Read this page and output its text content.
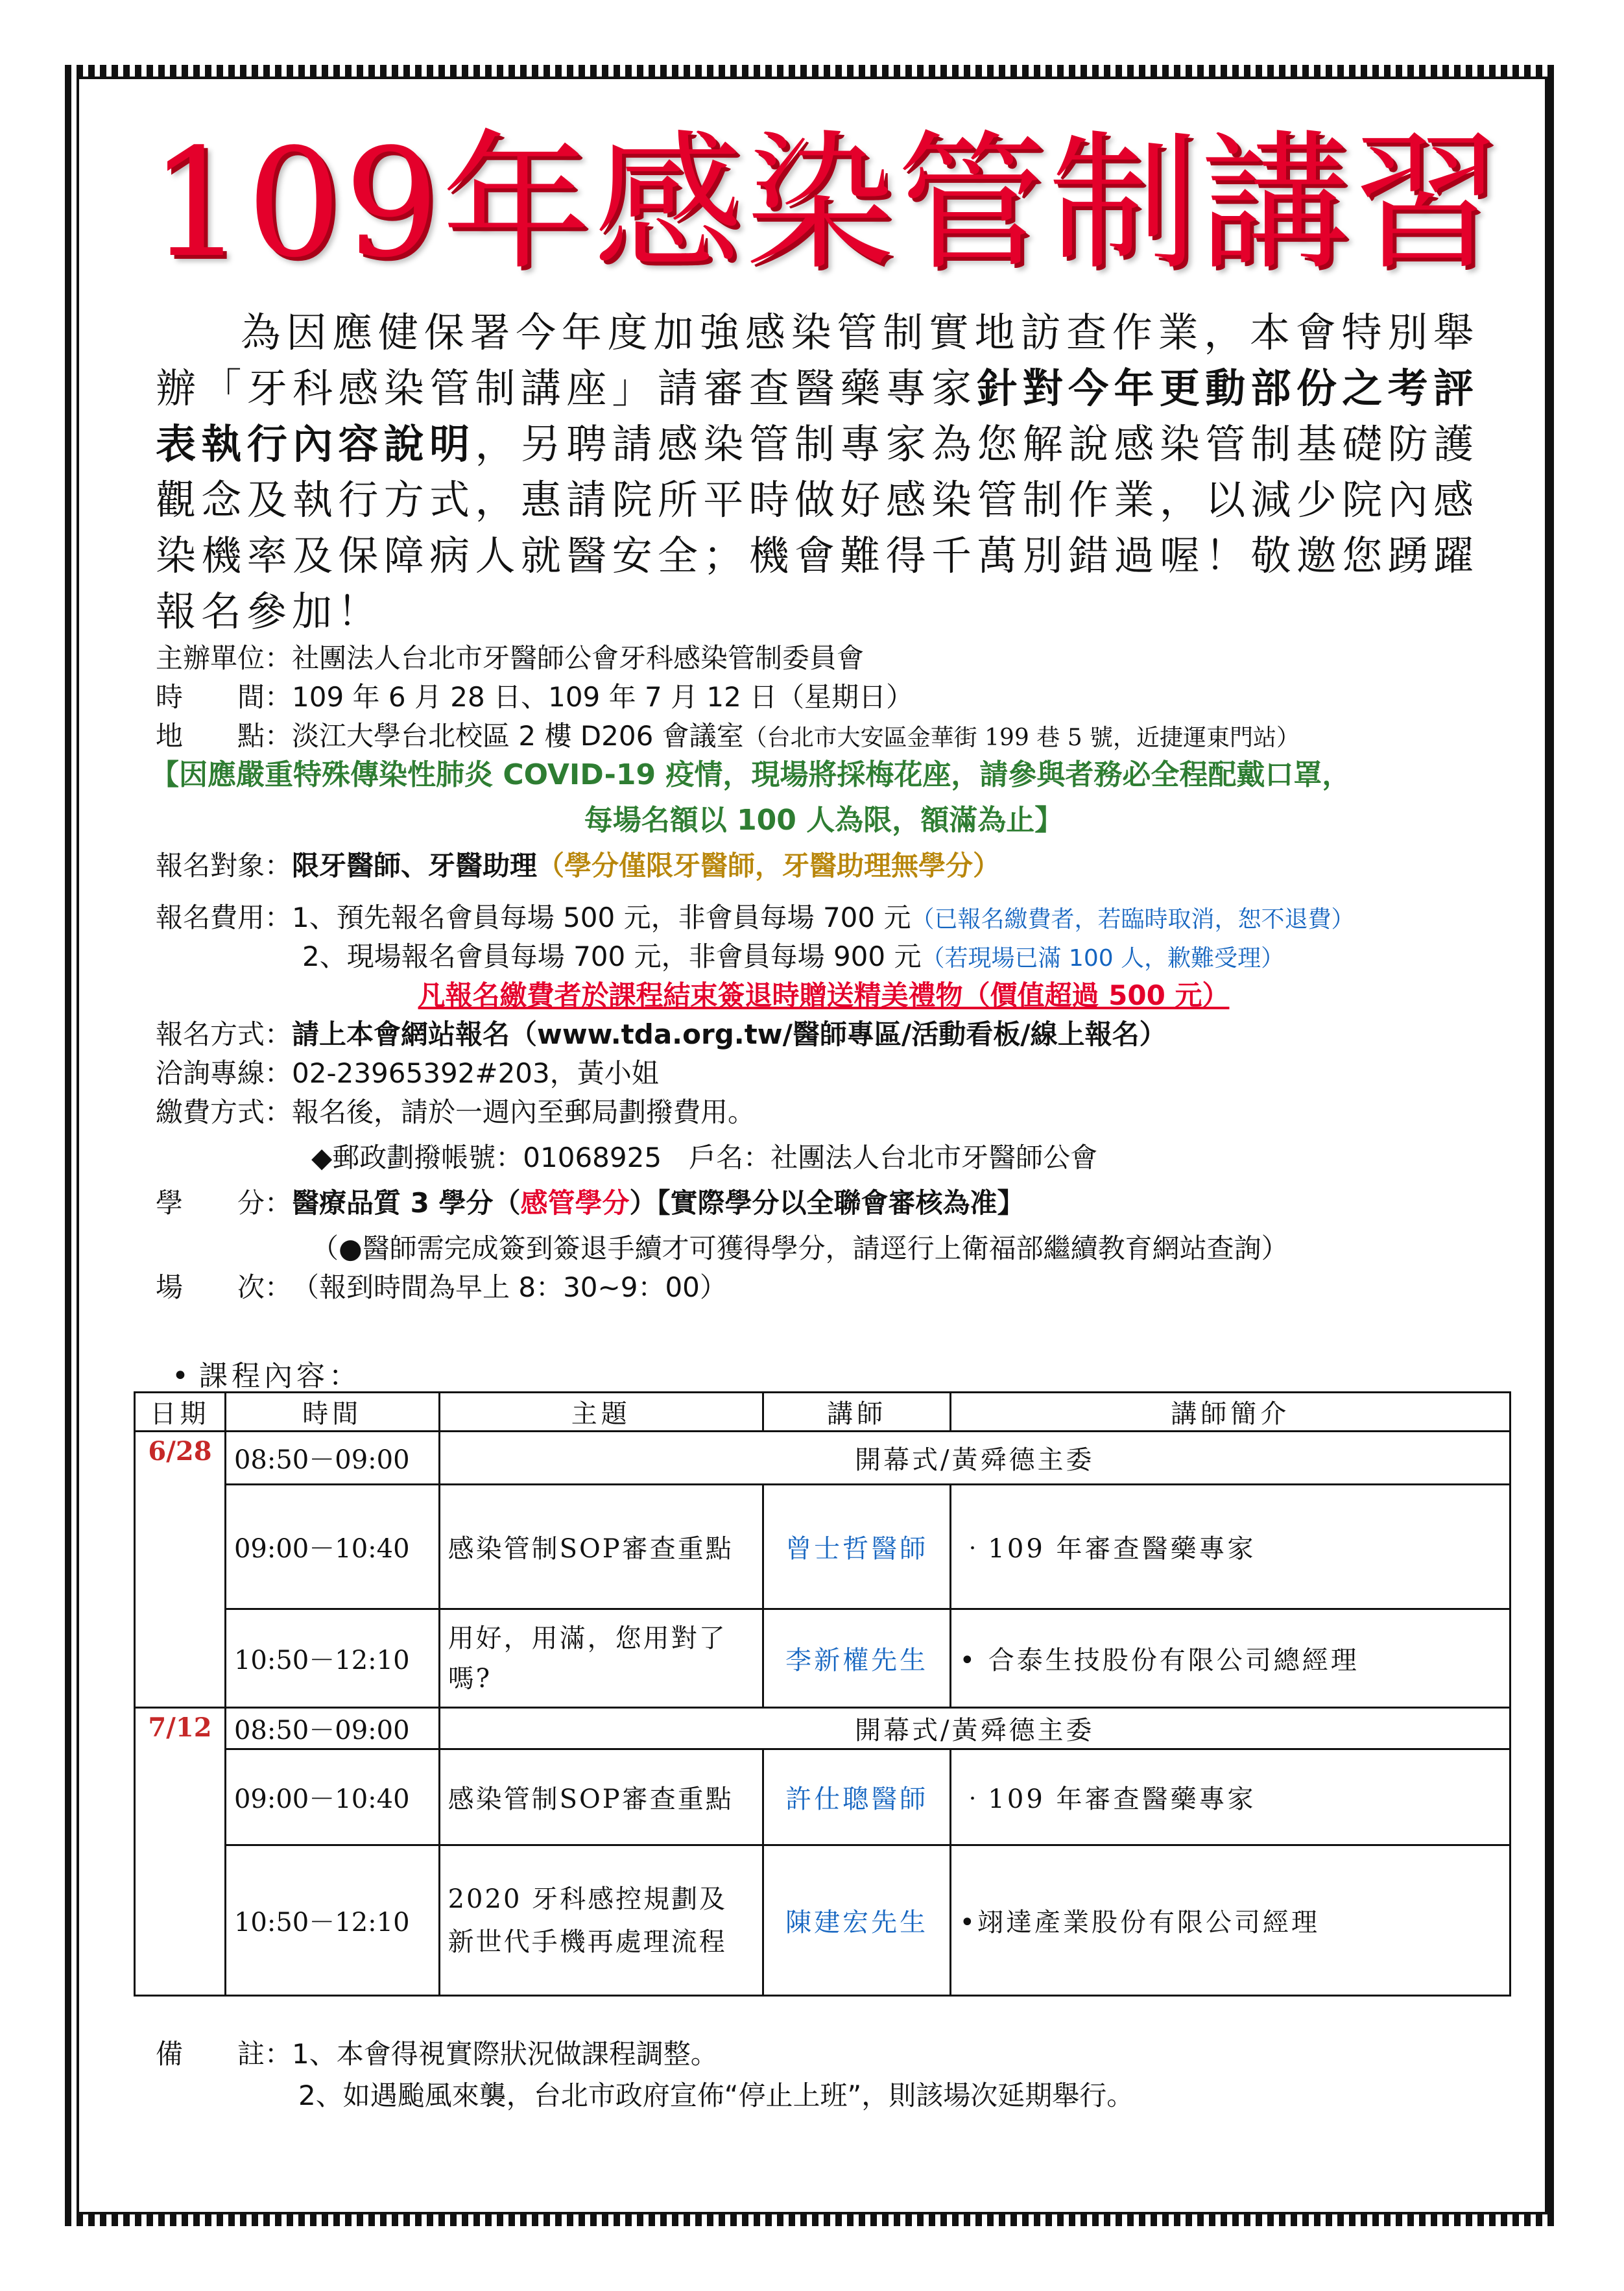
109年感染管制講習
為因應健保署今年度加強感染管制實地訪查作業，本會特別舉辦「牙科感染管制講座」請審查醫藥專家針對今年更動部份之考評表執行內容說明，另聘請感染管制專家為您解說感染管制基礎防護觀念及執行方式，惠請院所平時做好感染管制作業，以減少院內感染機率及保障病人就醫安全；機會難得千萬別錯過喔！敬邀您踴躍報名參加！
主辦單位：社團法人台北市牙醫師公會牙科感染管制委員會
時　　間：109 年 6 月 28 日、109 年 7 月 12 日（星期日）
地　　點：淡江大學台北校區 2 樓 D206 會議室（台北市大安區金華街 199 巷 5 號，近捷運東門站）
【因應嚴重特殊傳染性肺炎 COVID-19 疫情，現場將採梅花座，請參與者務必全程配戴口罩，
每場名額以 100 人為限，額滿為止】
報名對象：限牙醫師、牙醫助理（學分僅限牙醫師，牙醫助理無學分）
報名費用：1、預先報名會員每場 500 元，非會員每場 700 元（已報名繳費者，若臨時取消，恕不退費）
2、現場報名會員每場 700 元，非會員每場 900 元（若現場已滿 100 人，歉難受理）
凡報名繳費者於課程結束簽退時贈送精美禮物（價值超過 500 元）
報名方式：請上本會網站報名（www.tda.org.tw/醫師專區/活動看板/線上報名）
洽詢專線：02-23965392#203，黃小姐
繳費方式：報名後，請於一週內至郵局劃撥費用。
◆郵政劃撥帳號：01068925　戶名：社團法人台北市牙醫師公會
學　　分：醫療品質 3 學分（感管學分）【實際學分以全聯會審核為准】
（●醫師需完成簽到簽退手續才可獲得學分，請逕行上衛福部繼續教育網站查詢）
場　　次：（報到時間為早上 8：30~9：00）
• 課程內容：
日期	時間	主題	講師	講師簡介
6/28	08:50－09:00	開幕式/黃舜德主委		
	09:00－10:40	感染管制SOP審查重點	曾士哲醫師	‧109 年審查醫藥專家
	10:50－12:10	用好，用滿，您用對了嗎?	李新權先生	• 合泰生技股份有限公司總經理
7/12	08:50－09:00	開幕式/黃舜德主委		
	09:00－10:40	感染管制SOP審查重點	許仕聰醫師	‧109 年審查醫藥專家
	10:50－12:10	2020 牙科感控規劃及新世代手機再處理流程	陳建宏先生	•翊達產業股份有限公司經理
備　　註：1、本會得視實際狀況做課程調整。
2、如遇颱風來襲，台北市政府宣佈“停止上班”，則該場次延期舉行。
